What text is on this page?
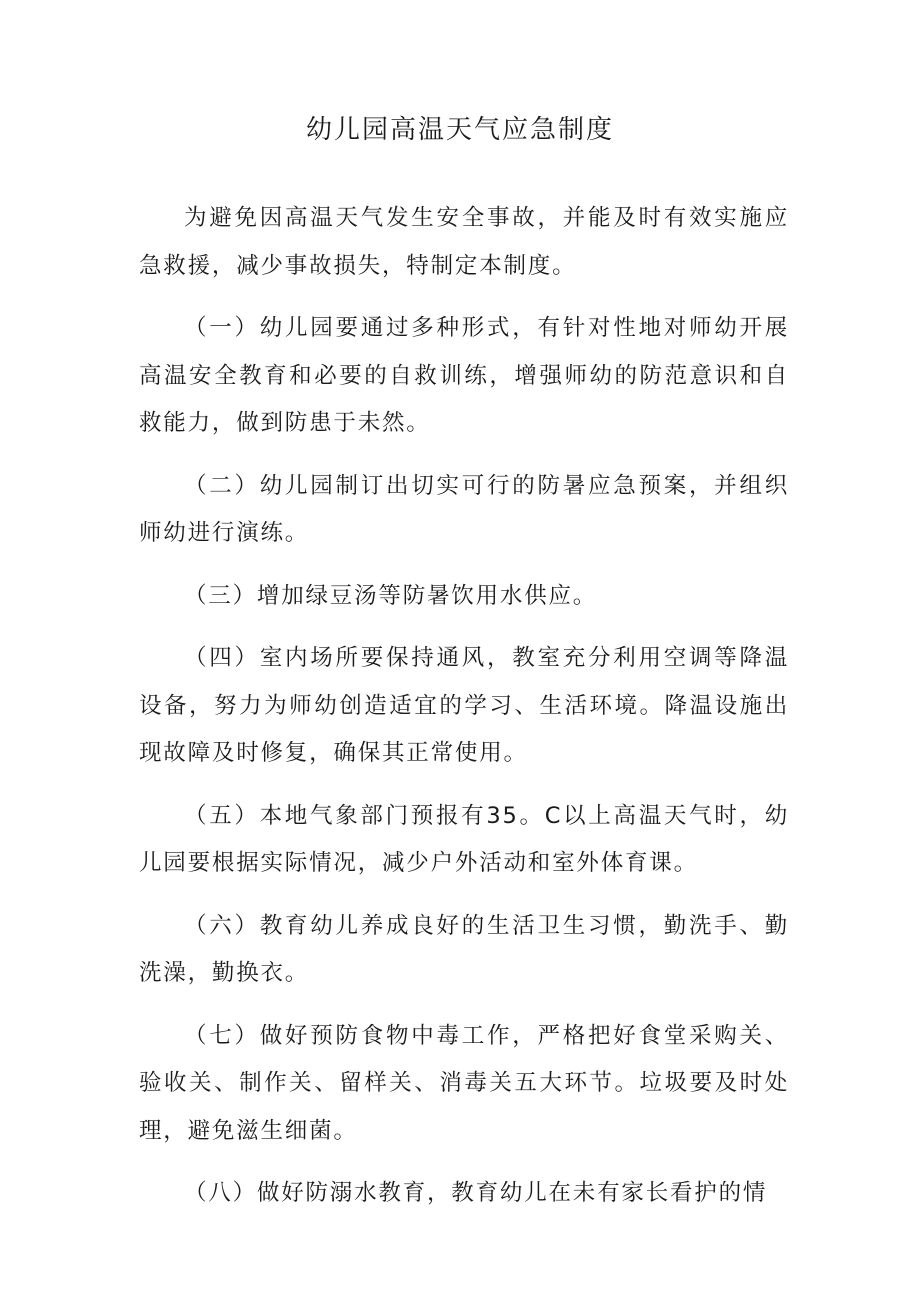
幼儿园高温天气应急制度

为避免因高温天气发生安全事故，并能及时有效实施应急救援，减少事故损失，特制定本制度。

（一）幼儿园要通过多种形式，有针对性地对师幼开展高温安全教育和必要的自救训练，增强师幼的防范意识和自救能力，做到防患于未然。

（二）幼儿园制订出切实可行的防暑应急预案，并组织师幼进行演练。

（三）增加绿豆汤等防暑饮用水供应。

（四）室内场所要保持通风，教室充分利用空调等降温设备，努力为师幼创造适宜的学习、生活环境。降温设施出现故障及时修复，确保其正常使用。

（五）本地气象部门预报有35。C以上高温天气时，幼儿园要根据实际情况，减少户外活动和室外体育课。

（六）教育幼儿养成良好的生活卫生习惯，勤洗手、勤洗澡，勤换衣。

（七）做好预防食物中毒工作，严格把好食堂采购关、验收关、制作关、留样关、消毒关五大环节。垃圾要及时处理，避免滋生细菌。

（八）做好防溺水教育，教育幼儿在未有家长看护的情
